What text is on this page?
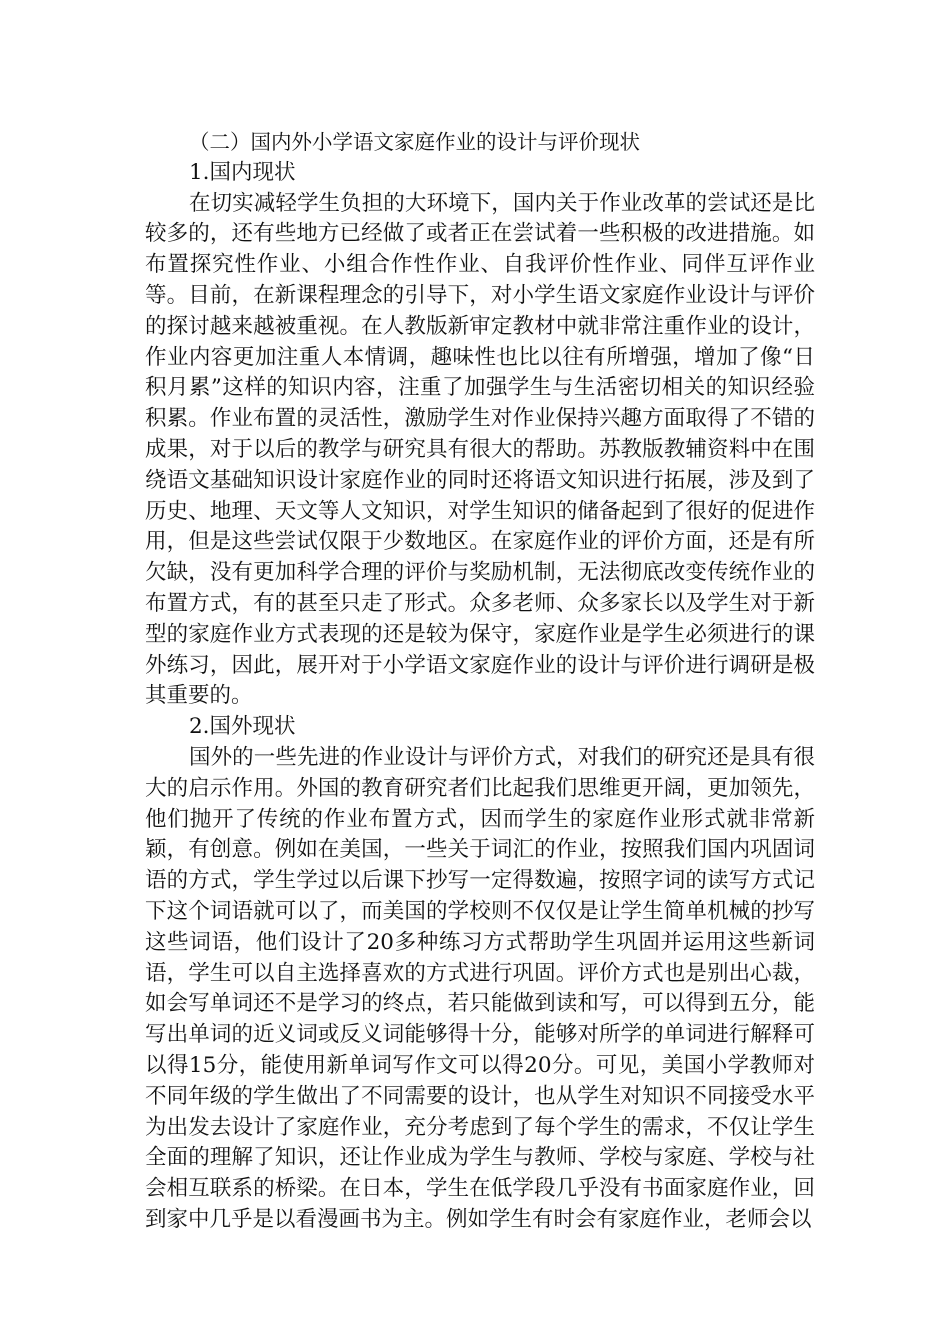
（二）国内外小学语文家庭作业的设计与评价现状

1.国内现状

在切实减轻学生负担的大环境下，国内关于作业改革的尝试还是比较多的，还有些地方已经做了或者正在尝试着一些积极的改进措施。如布置探究性作业、小组合作性作业、自我评价性作业、同伴互评作业等。目前，在新课程理念的引导下，对小学生语文家庭作业设计与评价的探讨越来越被重视。在人教版新审定教材中就非常注重作业的设计，作业内容更加注重人本情调，趣味性也比以往有所增强，增加了像“日积月累”这样的知识内容，注重了加强学生与生活密切相关的知识经验积累。作业布置的灵活性，激励学生对作业保持兴趣方面取得了不错的成果，对于以后的教学与研究具有很大的帮助。苏教版教辅资料中在围绕语文基础知识设计家庭作业的同时还将语文知识进行拓展，涉及到了历史、地理、天文等人文知识，对学生知识的储备起到了很好的促进作用，但是这些尝试仅限于少数地区。在家庭作业的评价方面，还是有所欠缺，没有更加科学合理的评价与奖励机制，无法彻底改变传统作业的布置方式，有的甚至只走了形式。众多老师、众多家长以及学生对于新型的家庭作业方式表现的还是较为保守，家庭作业是学生必须进行的课外练习，因此，展开对于小学语文家庭作业的设计与评价进行调研是极其重要的。

2.国外现状

国外的一些先进的作业设计与评价方式，对我们的研究还是具有很大的启示作用。外国的教育研究者们比起我们思维更开阔，更加领先，他们抛开了传统的作业布置方式，因而学生的家庭作业形式就非常新颖，有创意。例如在美国，一些关于词汇的作业，按照我们国内巩固词语的方式，学生学过以后课下抄写一定得数遍，按照字词的读写方式记下这个词语就可以了，而美国的学校则不仅仅是让学生简单机械的抄写这些词语，他们设计了20多种练习方式帮助学生巩固并运用这些新词语，学生可以自主选择喜欢的方式进行巩固。评价方式也是别出心裁，如会写单词还不是学习的终点，若只能做到读和写，可以得到五分，能写出单词的近义词或反义词能够得十分，能够对所学的单词进行解释可以得15分，能使用新单词写作文可以得20分。可见，美国小学教师对不同年级的学生做出了不同需要的设计，也从学生对知识不同接受水平为出发去设计了家庭作业，充分考虑到了每个学生的需求，不仅让学生全面的理解了知识，还让作业成为学生与教师、学校与家庭、学校与社会相互联系的桥梁。在日本，学生在低学段几乎没有书面家庭作业，回到家中几乎是以看漫画书为主。例如学生有时会有家庭作业，老师会以
